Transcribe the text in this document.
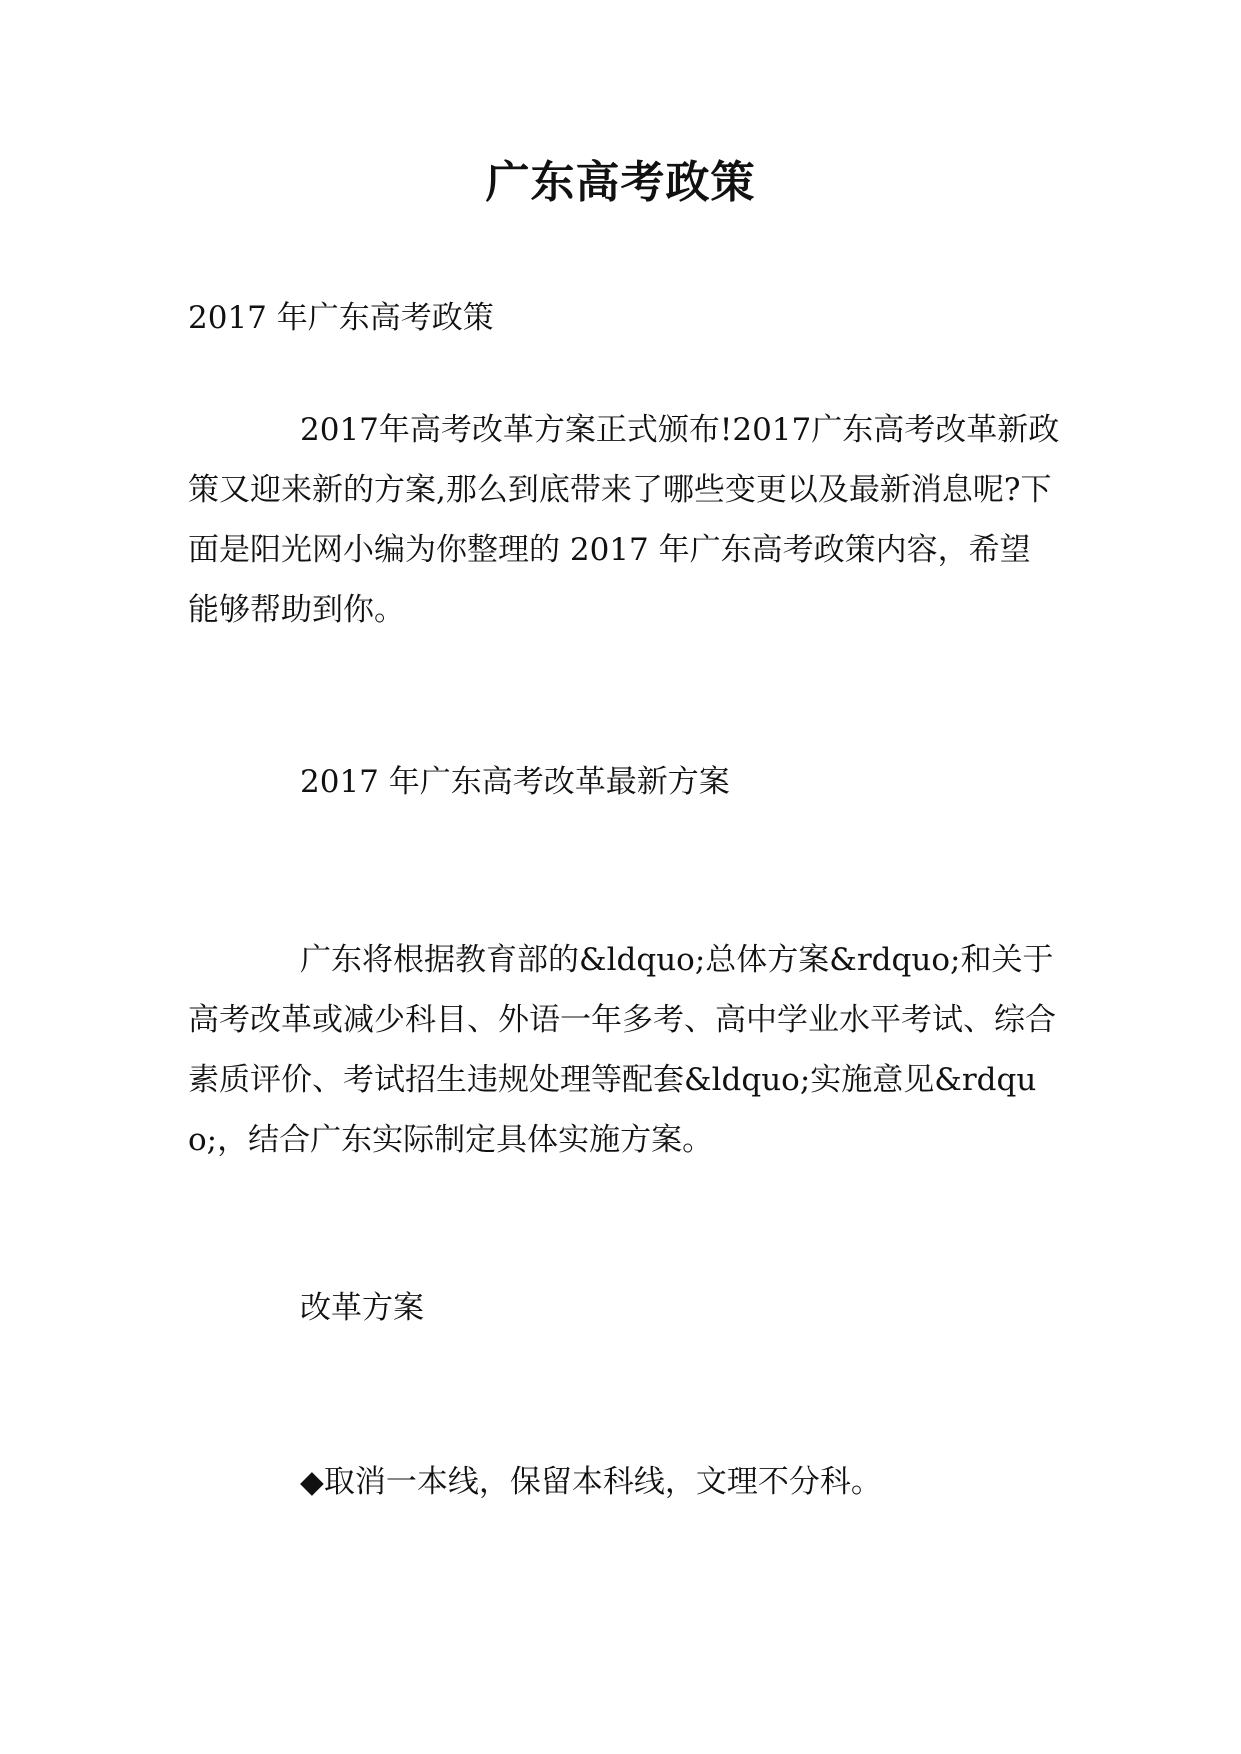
广东高考政策

2017 年广东高考政策

2017年高考改革方案正式颁布!2017广东高考改革新政策又迎来新的方案,那么到底带来了哪些变更以及最新消息呢?下面是阳光网小编为你整理的 2017 年广东高考政策内容，希望能够帮助到你。

2017 年广东高考改革最新方案

广东将根据教育部的&ldquo;总体方案&rdquo;和关于高考改革或减少科目、外语一年多考、高中学业水平考试、综合素质评价、考试招生违规处理等配套&ldquo;实施意见&rdquo;，结合广东实际制定具体实施方案。

改革方案

◆取消一本线，保留本科线，文理不分科。
